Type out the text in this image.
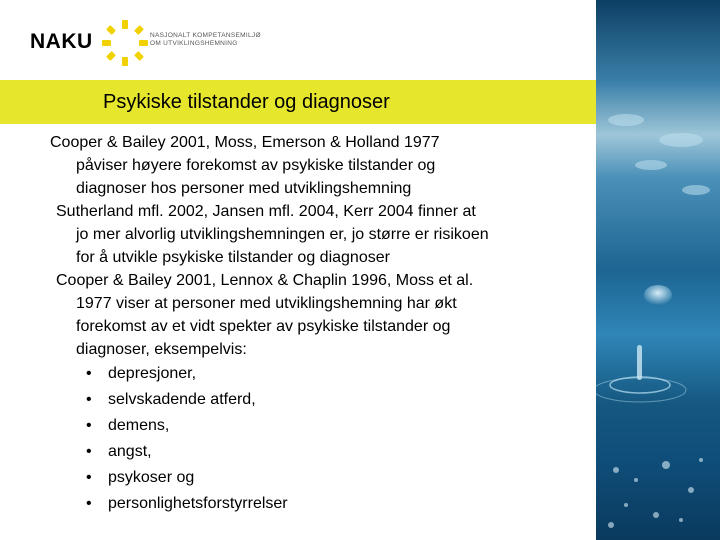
NAKU	NASJONALT KOMPETANSEMILJØ
OM UTVIKLINGSHEMNING
Psykiske tilstander og diagnoser
Cooper & Bailey 2001, Moss, Emerson & Holland 1977
påviser høyere forekomst av psykiske tilstander og
diagnoser hos personer med utviklingshemning
Sutherland mfl. 2002, Jansen mfl. 2004, Kerr 2004 finner at
jo mer alvorlig utviklingshemningen er, jo større er risikoen
for å utvikle psykiske tilstander og diagnoser
Cooper & Bailey 2001, Lennox & Chaplin 1996, Moss et al.
1977 viser at personer med utviklingshemning har økt
forekomst av et vidt spekter av psykiske tilstander og
diagnoser, eksempelvis:
• depresjoner,
• selvskadende atferd,
• demens,
• angst,
• psykoser og
• personlighetsforstyrrelser
